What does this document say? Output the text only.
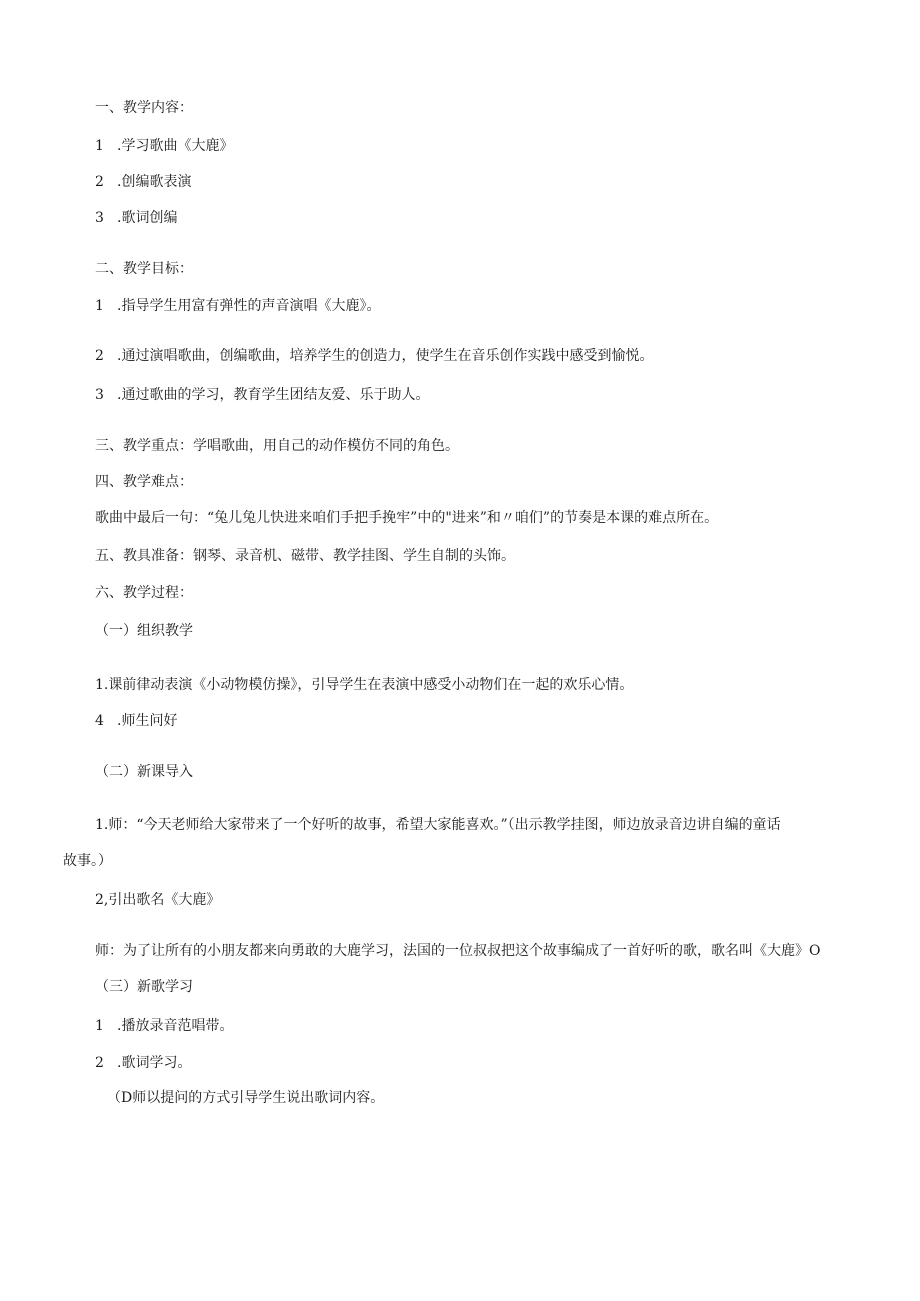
一、教学内容：
1 .学习歌曲《大鹿》
2 .创编歌表演
3 .歌词创编
二、教学目标：
1 .指导学生用富有弹性的声音演唱《大鹿》。
2 .通过演唱歌曲，创编歌曲，培养学生的创造力，使学生在音乐创作实践中感受到愉悦。
3 .通过歌曲的学习，教育学生团结友爱、乐于助人。
三、教学重点：学唱歌曲，用自己的动作模仿不同的角色。
四、教学难点：
歌曲中最后一句：“兔儿兔儿快进来咱们手把手挽牢”中的"进来”和〃咱们”的节奏是本课的难点所在。
五、教具准备：钢琴、录音机、磁带、教学挂图、学生自制的头饰。
六、教学过程：
（一）组织教学
1.课前律动表演《小动物模仿操》，引导学生在表演中感受小动物们在一起的欢乐心情。
4 .师生问好
（二）新课导入
1.师：“今天老师给大家带来了一个好听的故事，希望大家能喜欢。”（出示教学挂图，师边放录音边讲自编的童话
故事。）
2,引出歌名《大鹿》
师：为了让所有的小朋友都来向勇敢的大鹿学习，法国的一位叔叔把这个故事编成了一首好听的歌，歌名叫《大鹿》O
（三）新歌学习
1 .播放录音范唱带。
2 .歌词学习。
（D师以提问的方式引导学生说出歌词内容。
